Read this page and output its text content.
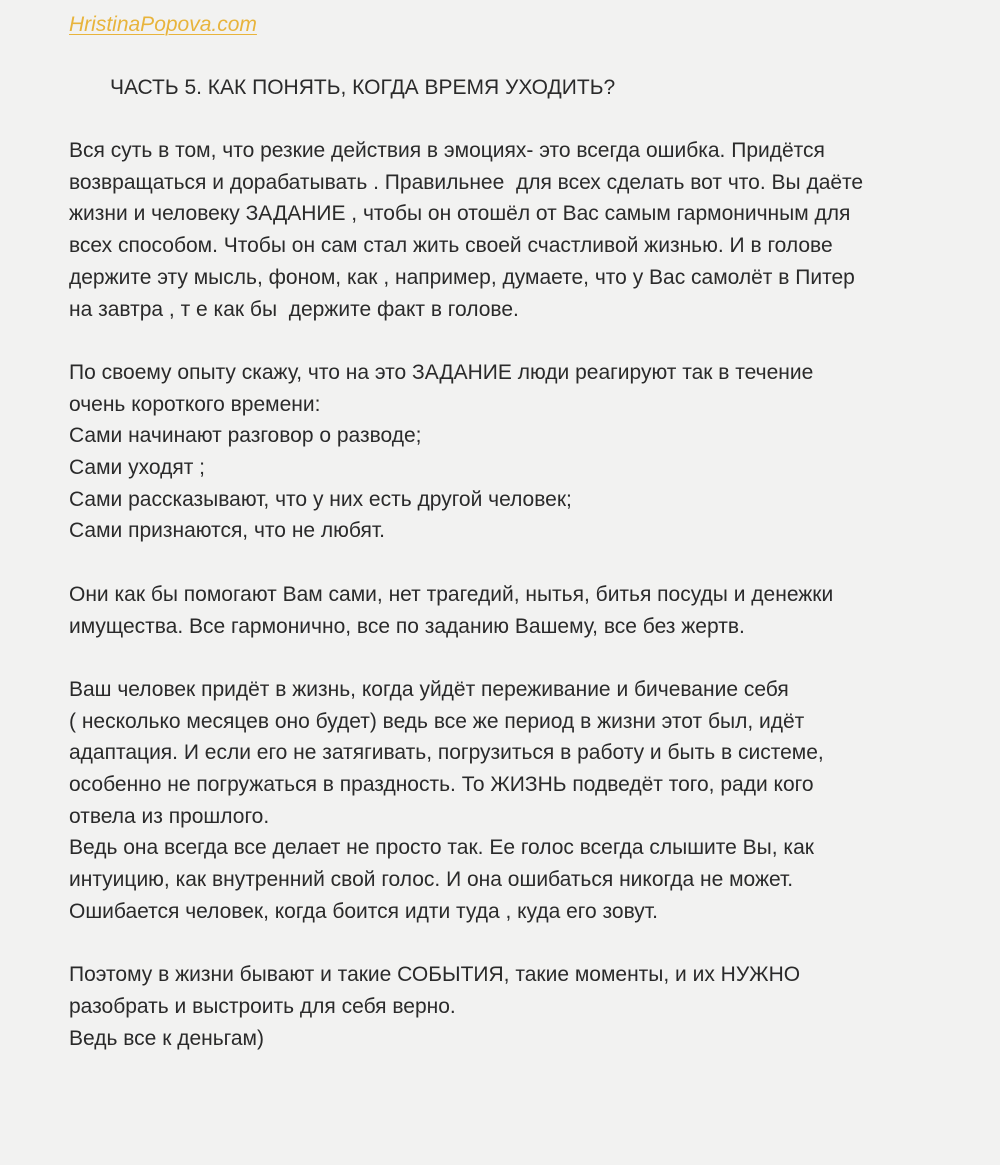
HristinaPopova.com
ЧАСТЬ 5. КАК ПОНЯТЬ, КОГДА ВРЕМЯ УХОДИТЬ?
Вся суть в том, что резкие действия в эмоциях- это всегда ошибка. Придётся
возвращаться и дорабатывать . Правильнее  для всех сделать вот что. Вы даёте
жизни и человеку ЗАДАНИЕ , чтобы он отошёл от Вас самым гармоничным для
всех способом. Чтобы он сам стал жить своей счастливой жизнью. И в голове
держите эту мысль, фоном, как , например, думаете, что у Вас самолёт в Питер
на завтра , т е как бы  держите факт в голове.
По своему опыту скажу, что на это ЗАДАНИЕ люди реагируют так в течение
очень короткого времени:
Сами начинают разговор о разводе;
Сами уходят ;
Сами рассказывают, что у них есть другой человек;
Сами признаются, что не любят.
Они как бы помогают Вам сами, нет трагедий, нытья, битья посуды и денежки
имущества. Все гармонично, все по заданию Вашему, все без жертв.
Ваш человек придёт в жизнь, когда уйдёт переживание и бичевание себя
( несколько месяцев оно будет) ведь все же период в жизни этот был, идёт
адаптация. И если его не затягивать, погрузиться в работу и быть в системе,
особенно не погружаться в праздность. То ЖИЗНЬ подведёт того, ради кого
отвела из прошлого.
Ведь она всегда все делает не просто так. Ее голос всегда слышите Вы, как
интуицию, как внутренний свой голос. И она ошибаться никогда не может.
Ошибается человек, когда боится идти туда , куда его зовут.
Поэтому в жизни бывают и такие СОБЫТИЯ, такие моменты, и их НУЖНО
разобрать и выстроить для себя верно.
Ведь все к деньгам)
